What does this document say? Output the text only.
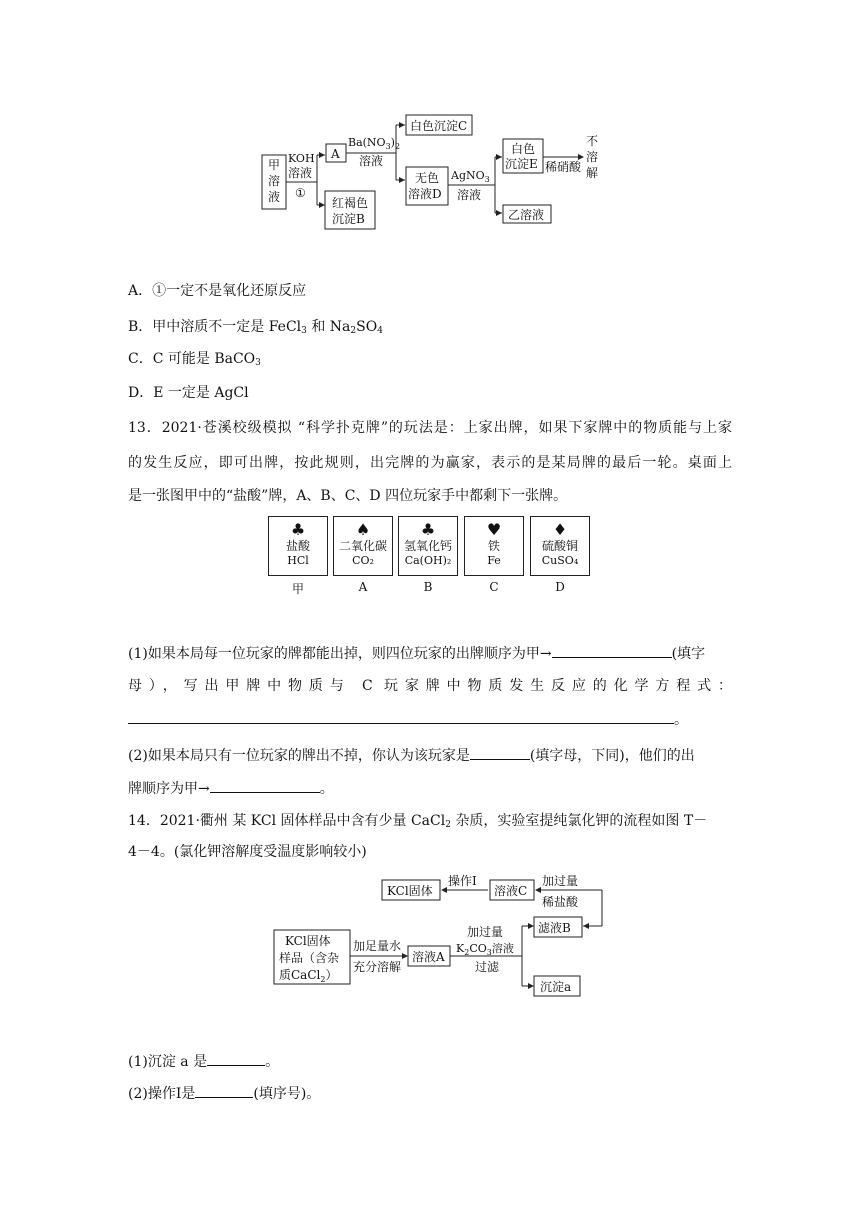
甲
溶
液
KOH
溶液
①
A
$Ba(NO_3)_2$
溶液
白色沉淀C
红褐色
沉淀B
无色
溶液D
AgNO$_3$
溶液
白色
沉淀E 稀硝酸
不
溶
解
乙溶液
A．①一定不是氧化还原反应
B．甲中溶质不一定是 FeCl$_3$ 和 $Na_2SO_4$
C．C 可能是 BaCO$_3$
D．E 一定是 AgCl
13．2021·苍溪校级模拟 “科学扑克牌”的玩法是：上家出牌，如果下家牌中的物质能与上家
的发生反应，即可出牌，按此规则，出完牌的为赢家，表示的是某局牌的最后一轮。桌面上
是一张图甲中的“盐酸”牌，A、B、C、D 四位玩家手中都剩下一张牌。
♣
盐酸
HCl
甲
♠
二氧化碳
CO₂
A
♣
氢氧化钙
Ca(OH)₂
B
♥
铁
Fe
C
♦
硫酸铜
CuSO₄
D
(1)如果本局每一位玩家的牌都能出掉，则四位玩家的出牌顺序为甲→	(填字
母），写出甲牌中物质与 C 玩家牌中物质发生反应的化学方程式：
。
(2)如果本局只有一位玩家的牌出不掉，你认为该玩家是	(填字母，下同)，他们的出
牌顺序为甲→	。
14．2021·衢州 某 KCl 固体样品中含有少量 CaCl$_2$ 杂质，实验室提纯氯化钾的流程如图 T－
4－4。(氯化钾溶解度受温度影响较小)
KCl固体
操作Ⅰ
溶液C
加过量
稀盐酸
滤液B
KCl固体
样品（含杂
质CaCl$_2$）
加足量水
充分溶解
溶液A
加过量
$K_2CO_3$溶液
过滤
沉淀a
(1)沉淀 a 是	。
(2)操作Ⅰ是	(填序号)。
